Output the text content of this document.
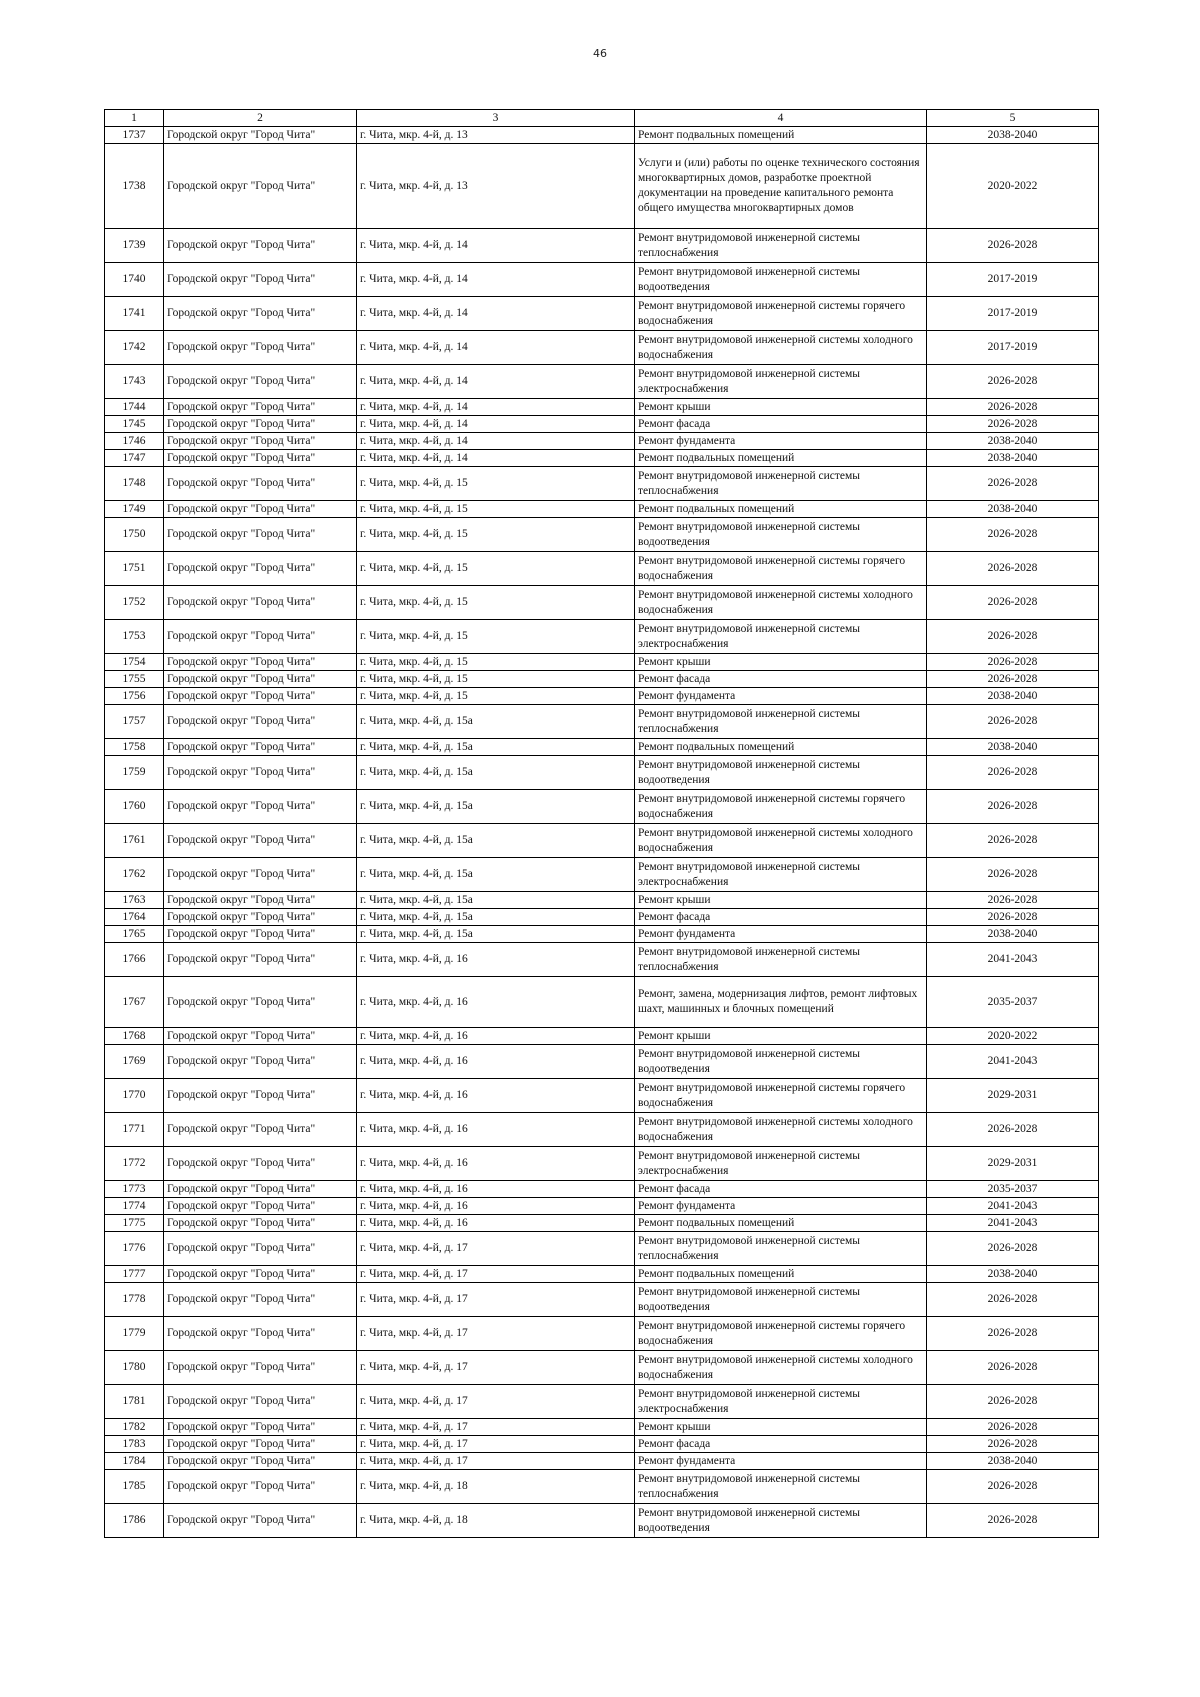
46
1	2	3	4	5
1737	Городской округ "Город Чита"	г. Чита, мкр. 4-й, д. 13	Ремонт подвальных помещений	2038-2040
1738	Городской округ "Город Чита"	г. Чита, мкр. 4-й, д. 13	Услуги и (или) работы по оценке технического состояния многоквартирных домов, разработке проектной документации на проведение капитального ремонта общего имущества многоквартирных домов	2020-2022
1739	Городской округ "Город Чита"	г. Чита, мкр. 4-й, д. 14	Ремонт внутридомовой инженерной системы теплоснабжения	2026-2028
1740	Городской округ "Город Чита"	г. Чита, мкр. 4-й, д. 14	Ремонт внутридомовой инженерной системы водоотведения	2017-2019
1741	Городской округ "Город Чита"	г. Чита, мкр. 4-й, д. 14	Ремонт внутридомовой инженерной системы горячего водоснабжения	2017-2019
1742	Городской округ "Город Чита"	г. Чита, мкр. 4-й, д. 14	Ремонт внутридомовой инженерной системы холодного водоснабжения	2017-2019
1743	Городской округ "Город Чита"	г. Чита, мкр. 4-й, д. 14	Ремонт внутридомовой инженерной системы электроснабжения	2026-2028
1744	Городской округ "Город Чита"	г. Чита, мкр. 4-й, д. 14	Ремонт крыши	2026-2028
1745	Городской округ "Город Чита"	г. Чита, мкр. 4-й, д. 14	Ремонт фасада	2026-2028
1746	Городской округ "Город Чита"	г. Чита, мкр. 4-й, д. 14	Ремонт фундамента	2038-2040
1747	Городской округ "Город Чита"	г. Чита, мкр. 4-й, д. 14	Ремонт подвальных помещений	2038-2040
1748	Городской округ "Город Чита"	г. Чита, мкр. 4-й, д. 15	Ремонт внутридомовой инженерной системы теплоснабжения	2026-2028
1749	Городской округ "Город Чита"	г. Чита, мкр. 4-й, д. 15	Ремонт подвальных помещений	2038-2040
1750	Городской округ "Город Чита"	г. Чита, мкр. 4-й, д. 15	Ремонт внутридомовой инженерной системы водоотведения	2026-2028
1751	Городской округ "Город Чита"	г. Чита, мкр. 4-й, д. 15	Ремонт внутридомовой инженерной системы горячего водоснабжения	2026-2028
1752	Городской округ "Город Чита"	г. Чита, мкр. 4-й, д. 15	Ремонт внутридомовой инженерной системы холодного водоснабжения	2026-2028
1753	Городской округ "Город Чита"	г. Чита, мкр. 4-й, д. 15	Ремонт внутридомовой инженерной системы электроснабжения	2026-2028
1754	Городской округ "Город Чита"	г. Чита, мкр. 4-й, д. 15	Ремонт крыши	2026-2028
1755	Городской округ "Город Чита"	г. Чита, мкр. 4-й, д. 15	Ремонт фасада	2026-2028
1756	Городской округ "Город Чита"	г. Чита, мкр. 4-й, д. 15	Ремонт фундамента	2038-2040
1757	Городской округ "Город Чита"	г. Чита, мкр. 4-й, д. 15а	Ремонт внутридомовой инженерной системы теплоснабжения	2026-2028
1758	Городской округ "Город Чита"	г. Чита, мкр. 4-й, д. 15а	Ремонт подвальных помещений	2038-2040
1759	Городской округ "Город Чита"	г. Чита, мкр. 4-й, д. 15а	Ремонт внутридомовой инженерной системы водоотведения	2026-2028
1760	Городской округ "Город Чита"	г. Чита, мкр. 4-й, д. 15а	Ремонт внутридомовой инженерной системы горячего водоснабжения	2026-2028
1761	Городской округ "Город Чита"	г. Чита, мкр. 4-й, д. 15а	Ремонт внутридомовой инженерной системы холодного водоснабжения	2026-2028
1762	Городской округ "Город Чита"	г. Чита, мкр. 4-й, д. 15а	Ремонт внутридомовой инженерной системы электроснабжения	2026-2028
1763	Городской округ "Город Чита"	г. Чита, мкр. 4-й, д. 15а	Ремонт крыши	2026-2028
1764	Городской округ "Город Чита"	г. Чита, мкр. 4-й, д. 15а	Ремонт фасада	2026-2028
1765	Городской округ "Город Чита"	г. Чита, мкр. 4-й, д. 15а	Ремонт фундамента	2038-2040
1766	Городской округ "Город Чита"	г. Чита, мкр. 4-й, д. 16	Ремонт внутридомовой инженерной системы теплоснабжения	2041-2043
1767	Городской округ "Город Чита"	г. Чита, мкр. 4-й, д. 16	Ремонт, замена, модернизация лифтов, ремонт лифтовых шахт, машинных и блочных помещений	2035-2037
1768	Городской округ "Город Чита"	г. Чита, мкр. 4-й, д. 16	Ремонт крыши	2020-2022
1769	Городской округ "Город Чита"	г. Чита, мкр. 4-й, д. 16	Ремонт внутридомовой инженерной системы водоотведения	2041-2043
1770	Городской округ "Город Чита"	г. Чита, мкр. 4-й, д. 16	Ремонт внутридомовой инженерной системы горячего водоснабжения	2029-2031
1771	Городской округ "Город Чита"	г. Чита, мкр. 4-й, д. 16	Ремонт внутридомовой инженерной системы холодного водоснабжения	2026-2028
1772	Городской округ "Город Чита"	г. Чита, мкр. 4-й, д. 16	Ремонт внутридомовой инженерной системы электроснабжения	2029-2031
1773	Городской округ "Город Чита"	г. Чита, мкр. 4-й, д. 16	Ремонт фасада	2035-2037
1774	Городской округ "Город Чита"	г. Чита, мкр. 4-й, д. 16	Ремонт фундамента	2041-2043
1775	Городской округ "Город Чита"	г. Чита, мкр. 4-й, д. 16	Ремонт подвальных помещений	2041-2043
1776	Городской округ "Город Чита"	г. Чита, мкр. 4-й, д. 17	Ремонт внутридомовой инженерной системы теплоснабжения	2026-2028
1777	Городской округ "Город Чита"	г. Чита, мкр. 4-й, д. 17	Ремонт подвальных помещений	2038-2040
1778	Городской округ "Город Чита"	г. Чита, мкр. 4-й, д. 17	Ремонт внутридомовой инженерной системы водоотведения	2026-2028
1779	Городской округ "Город Чита"	г. Чита, мкр. 4-й, д. 17	Ремонт внутридомовой инженерной системы горячего водоснабжения	2026-2028
1780	Городской округ "Город Чита"	г. Чита, мкр. 4-й, д. 17	Ремонт внутридомовой инженерной системы холодного водоснабжения	2026-2028
1781	Городской округ "Город Чита"	г. Чита, мкр. 4-й, д. 17	Ремонт внутридомовой инженерной системы электроснабжения	2026-2028
1782	Городской округ "Город Чита"	г. Чита, мкр. 4-й, д. 17	Ремонт крыши	2026-2028
1783	Городской округ "Город Чита"	г. Чита, мкр. 4-й, д. 17	Ремонт фасада	2026-2028
1784	Городской округ "Город Чита"	г. Чита, мкр. 4-й, д. 17	Ремонт фундамента	2038-2040
1785	Городской округ "Город Чита"	г. Чита, мкр. 4-й, д. 18	Ремонт внутридомовой инженерной системы теплоснабжения	2026-2028
1786	Городской округ "Город Чита"	г. Чита, мкр. 4-й, д. 18	Ремонт внутридомовой инженерной системы водоотведения	2026-2028
